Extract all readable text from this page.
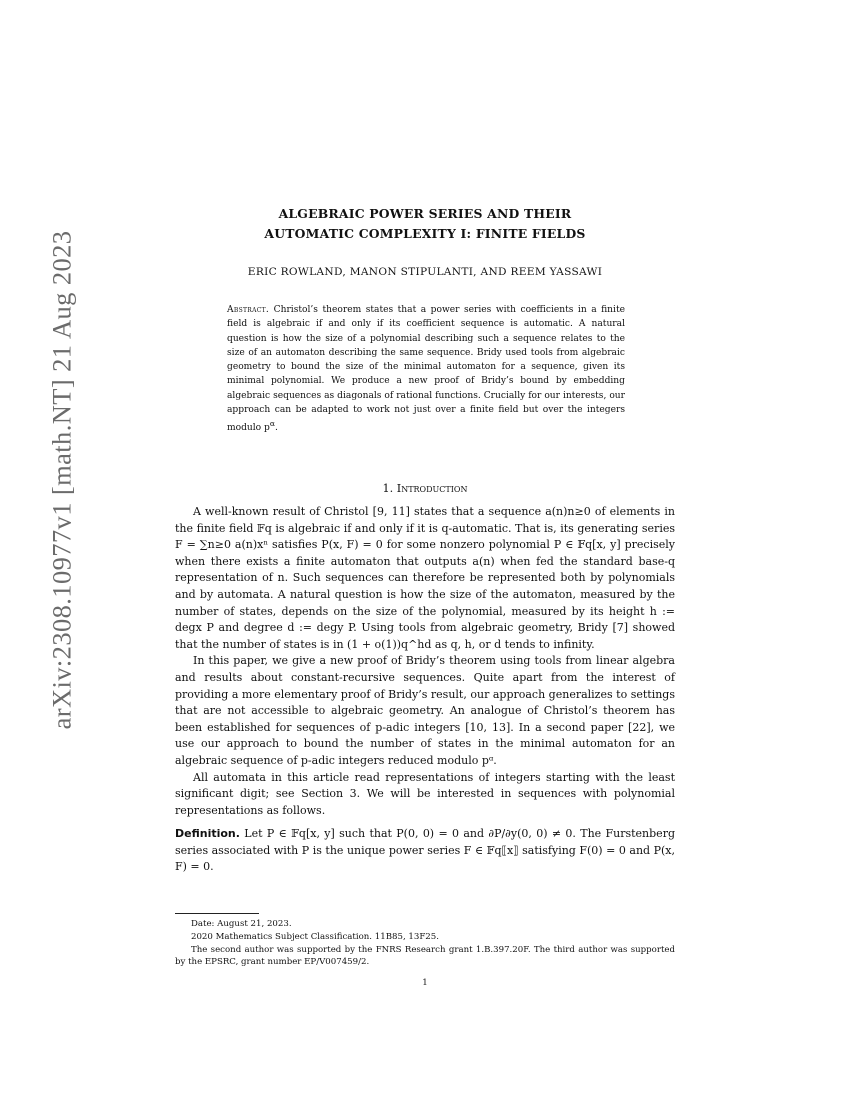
arXiv:2308.10977v1 [math.NT] 21 Aug 2023
ALGEBRAIC POWER SERIES AND THEIR
AUTOMATIC COMPLEXITY I: FINITE FIELDS
ERIC ROWLAND, MANON STIPULANTI, AND REEM YASSAWI
Abstract. Christol’s theorem states that a power series with coefficients in a finite field is algebraic if and only if its coefficient sequence is automatic. A natural question is how the size of a polynomial describing such a sequence relates to the size of an automaton describing the same sequence. Bridy used tools from algebraic geometry to bound the size of the minimal automaton for a sequence, given its minimal polynomial. We produce a new proof of Bridy’s bound by embedding algebraic sequences as diagonals of rational functions. Crucially for our interests, our approach can be adapted to work not just over a finite field but over the integers modulo $p^\alpha$.
1. Introduction

A well-known result of Christol [9, 11] states that a sequence a(n)n≥0 of elements in the finite field 𝔽q is algebraic if and only if it is q-automatic. That is, its generating series F = ∑n≥0 a(n)xⁿ satisfies P(x, F) = 0 for some nonzero polynomial P ∈ 𝔽q[x, y] precisely when there exists a finite automaton that outputs a(n) when fed the standard base-q representation of n. Such sequences can therefore be represented both by polynomials and by automata. A natural question is how the size of the automaton, measured by the number of states, depends on the size of the polynomial, measured by its height h := degx P and degree d := degy P. Using tools from algebraic geometry, Bridy [7] showed that the number of states is in (1 + o(1))q^hd as q, h, or d tends to infinity.

In this paper, we give a new proof of Bridy’s theorem using tools from linear algebra and results about constant-recursive sequences. Quite apart from the interest of providing a more elementary proof of Bridy’s result, our approach generalizes to settings that are not accessible to algebraic geometry. An analogue of Christol’s theorem has been established for sequences of p-adic integers [10, 13]. In a second paper [22], we use our approach to bound the number of states in the minimal automaton for an algebraic sequence of p-adic integers reduced modulo pᵅ.

All automata in this article read representations of integers starting with the least significant digit; see Section 3. We will be interested in sequences with polynomial representations as follows.

Definition. Let P ∈ 𝔽q[x, y] such that P(0, 0) = 0 and ∂P/∂y(0, 0) ≠ 0. The Furstenberg series associated with P is the unique power series F ∈ 𝔽q⟦x⟧ satisfying F(0) = 0 and P(x, F) = 0.

Date: August 21, 2023.

2020 Mathematics Subject Classification. 11B85, 13F25.

The second author was supported by the FNRS Research grant 1.B.397.20F. The third author was supported by the EPSRC, grant number EP/V007459/2.

1
